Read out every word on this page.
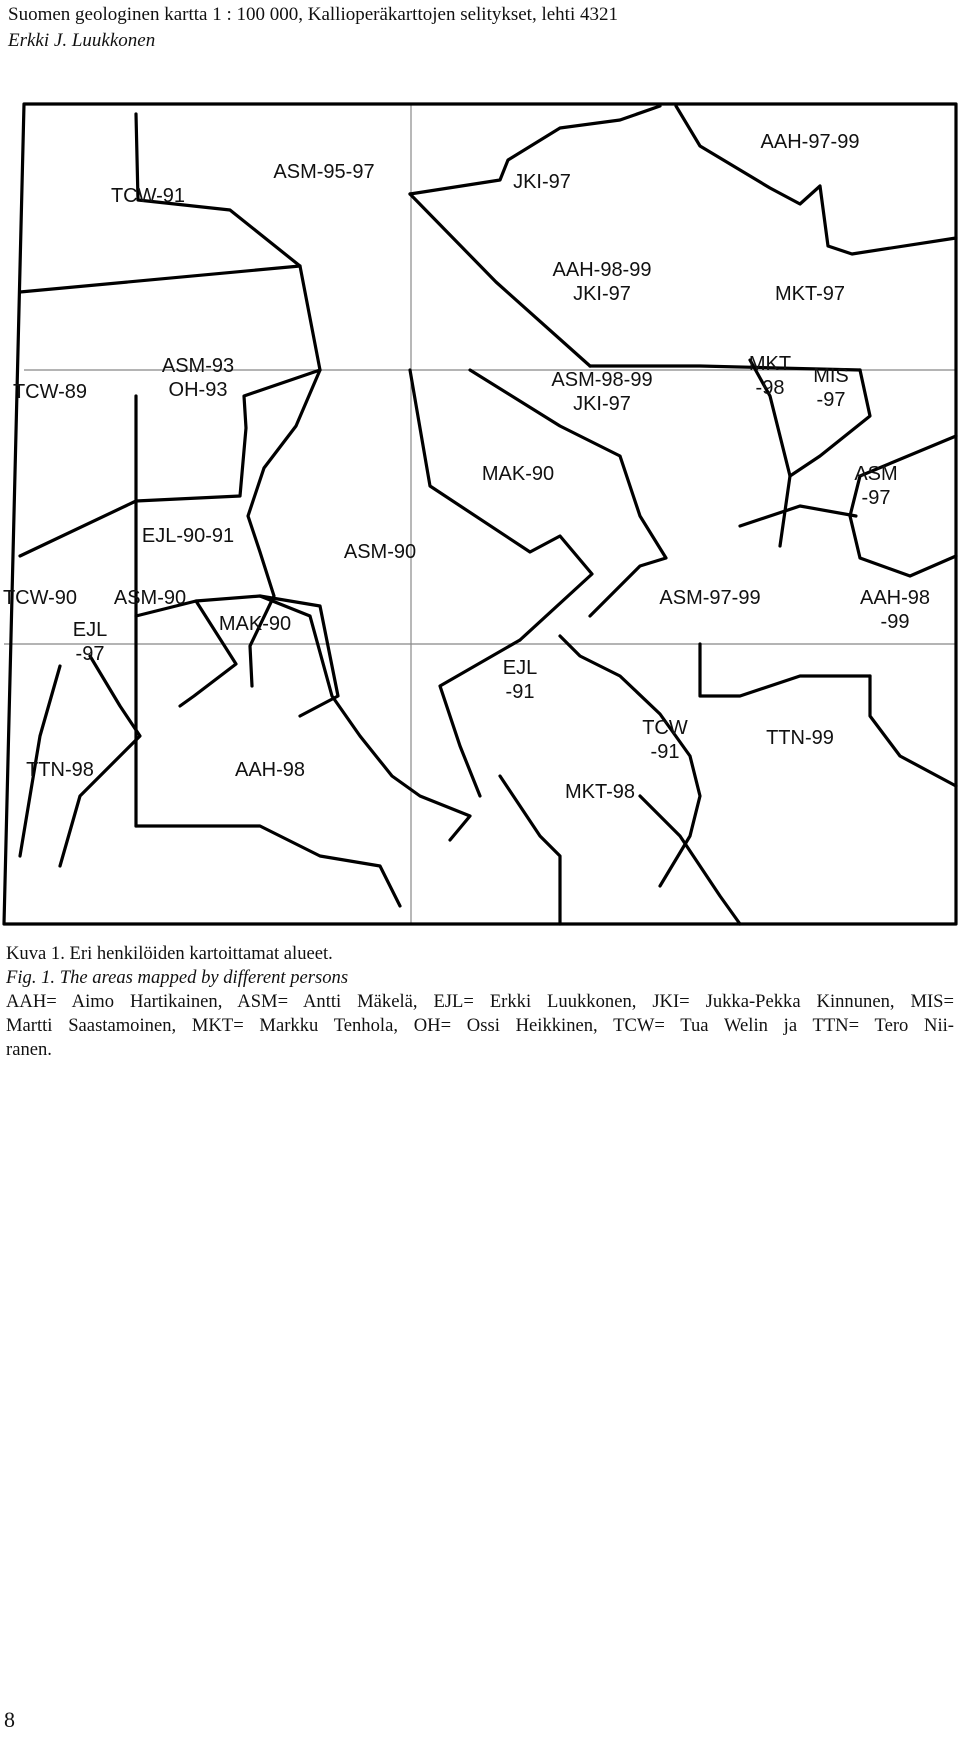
Suomen geologinen kartta 1 : 100 000, Kallioperäkarttojen selitykset, lehti 4321
Erkki J. Luukkonen
TCW-91
ASM-95-97	JKI-97
AAH-97-99
AAH-98-99 JKI-97	MKT-97
TCW-89
ASM-93 OH-93	ASM-98-99 JKI-97
MKT -98
MIS -97
MAK-90	ASM -97
EJL-90-91
ASM-90
TCW-90 ASM-90
MAK-90
EJL -97
ASM-97-99	AAH-98 -99
EJL -91
TCW -91
TTN-99
TTN-98	AAH-98
MKT-98

Kuva 1. Eri henkilöiden kartoittamat alueet.

Fig. 1. The areas mapped by different persons

AAH= Aimo Hartikainen, ASM= Antti Mäkelä, EJL= Erkki Luukkonen, JKI= Jukka-Pekka Kinnunen, MIS=

Martti Saastamoinen, MKT= Markku Tenhola, OH= Ossi Heikkinen, TCW= Tua Welin ja TTN= Tero Nii-

ranen.

8
